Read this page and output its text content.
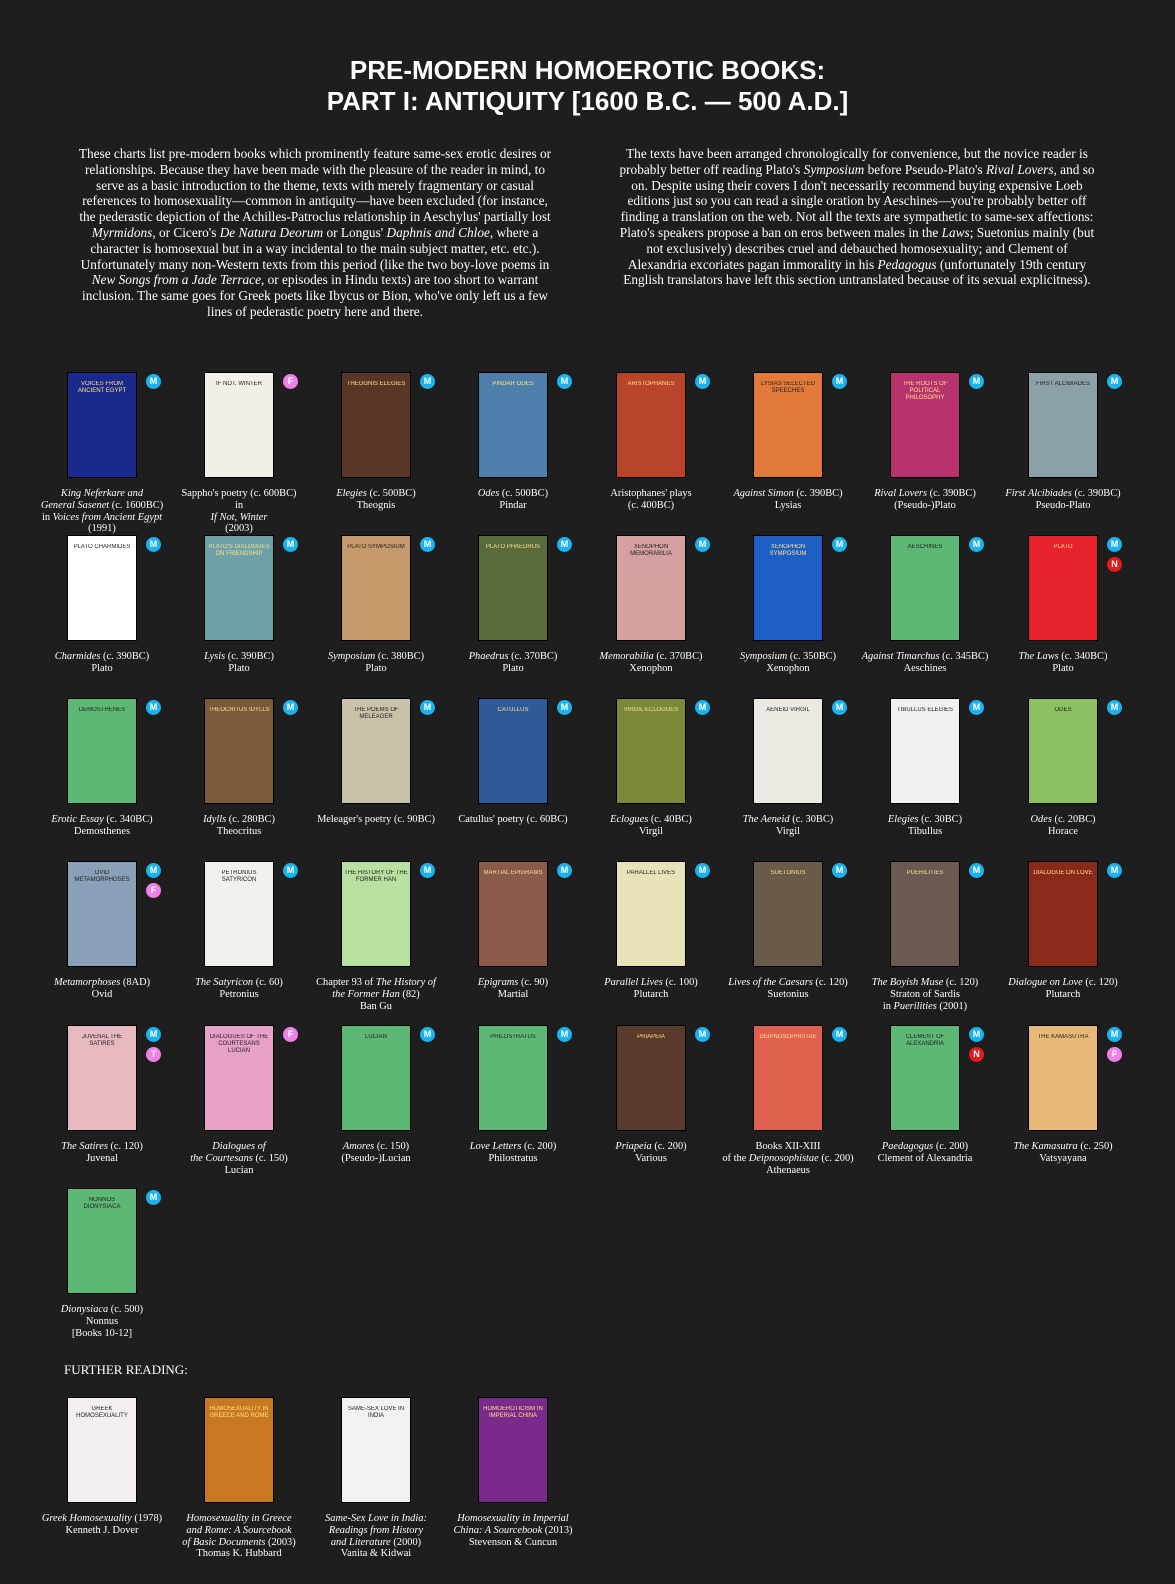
PRE-MODERN HOMOEROTIC BOOKS:
PART I: ANTIQUITY [1600 B.C. — 500 A.D.]

These charts list pre-modern books which prominently feature same-sex erotic desires or relationships. Because they have been made with the pleasure of the reader in mind, to serve as a basic introduction to the theme, texts with merely fragmentary or casual references to homosexuality—common in antiquity—have been excluded (for instance, the pederastic depiction of the Achilles-Patroclus relationship in Aeschylus' partially lost Myrmidons, or Cicero's De Natura Deorum or Longus' Daphnis and Chloe, where a character is homosexual but in a way incidental to the main subject matter, etc. etc.). Unfortunately many non-Western texts from this period (like the two boy-love poems in New Songs from a Jade Terrace, or episodes in Hindu texts) are too short to warrant inclusion. The same goes for Greek poets like Ibycus or Bion, who've only left us a few lines of pederastic poetry here and there.

The texts have been arranged chronologically for convenience, but the novice reader is probably better off reading Plato's Symposium before Pseudo-Plato's Rival Lovers, and so on. Despite using their covers I don't necessarily recommend buying expensive Loeb editions just so you can read a single oration by Aeschines—you're probably better off finding a translation on the web. Not all the texts are sympathetic to same-sex affections: Plato's speakers propose a ban on eros between males in the Laws; Suetonius mainly (but not exclusively) describes cruel and debauched homosexuality; and Clement of Alexandria excoriates pagan immorality in his Pedagogus (unfortunately 19th century English translators have left this section untranslated because of its sexual explicitness).

VOICES FROM ANCIENT EGYPT
M
King Neferkare and
General Sasenet (c. 1600BC)
in Voices from Ancient Egypt (1991)
IF NOT, WINTER	F
Sappho's poetry (c. 600BC)
in
If Not, Winter
(2003)
THEOGNIS ELEGIES	M
Elegies (c. 500BC)
Theognis
PINDAR ODES	M
Odes (c. 500BC)
Pindar
ARISTOPHANES	M
Aristophanes' plays
(c. 400BC)
LYSIAS SELECTED SPEECHES
M
Against Simon (c. 390BC)
Lysias
THE ROOTS OF POLITICAL PHILOSOPHY
M
Rival Lovers (c. 390BC)
(Pseudo-)Plato
FIRST ALCIBIADES	M
First Alcibiades (c. 390BC)
Pseudo-Plato
PLATO CHARMIDES	M
Charmides (c. 390BC)
Plato
PLATO'S DIALOGUES ON FRIENDSHIP
M
Lysis (c. 390BC)
Plato
PLATO SYMPOSIUM	M
Symposium (c. 380BC)
Plato
PLATO PHAEDRUS	M
Phaedrus (c. 370BC)
Plato
XENOPHON MEMORABILIA
M
Memorabilia (c. 370BC)
Xenophon
XENOPHON SYMPOSIUM
M
Symposium (c. 350BC)
Xenophon
AESCHINES	M
Against Timarchus (c. 345BC)
Aeschines
PLATO	M
N
The Laws (c. 340BC)
Plato
DEMOSTHENES	M
Erotic Essay (c. 340BC)
Demosthenes
THEOCRITUS IDYLLS	M
Idylls (c. 280BC)
Theocritus
THE POEMS OF MELEAGER
M
Meleager's poetry (c. 90BC)
CATULLUS	M
Catullus' poetry (c. 60BC)
VIRGIL ECLOGUES	M
Eclogues (c. 40BC)
Virgil
AENEID VIRGIL	M
The Aeneid (c. 30BC)
Virgil
TIBULLUS ELEGIES	M
Elegies (c. 30BC)
Tibullus
ODES	M
Odes (c. 20BC)
Horace
OVID METAMORPHOSES
M
F
Metamorphoses (8AD)
Ovid
PETRONIUS SATYRICON
M
The Satyricon (c. 60)
Petronius
THE HISTORY OF THE FORMER HAN
M
Chapter 93 of The History of
the Former Han (82)
Ban Gu
MARTIAL EPIGRAMS	M
Epigrams (c. 90)
Martial
PARALLEL LIVES	M
Parallel Lives (c. 100)
Plutarch
SUETONIUS	M
Lives of the Caesars (c. 120)
Suetonius
PUERILITIES	M
The Boyish Muse (c. 120)
Straton of Sardis
in Puerilities (2001)
DIALOGUE ON LOVE	M
Dialogue on Love (c. 120)
Plutarch
JUVENAL THE SATIRES
M
T
The Satires (c. 120)
Juvenal
DIALOGUES OF THE COURTESANS LUCIAN
F
Dialogues of
the Courtesans (c. 150)
Lucian
LUCIAN	M
Amores (c. 150)
(Pseudo-)Lucian
PHILOSTRATUS	M
Love Letters (c. 200)
Philostratus
PRIAPEIA	M
Priapeia (c. 200)
Various
DEIPNOSOPHISTAE	M
Books XII-XIII
of the Deipnosophistae (c. 200)
Athenaeus
CLEMENT OF ALEXANDRIA
M
N
Paedagogus (c. 200)
Clement of Alexandria
THE KAMASUTRA	M
F
The Kamasutra (c. 250)
Vatsyayana
NONNOS DIONYSIACA
M
Dionysiaca (c. 500)
Nonnus
[Books 10-12]

FURTHER READING:

GREEK HOMOSEXUALITY
Greek Homosexuality (1978)
Kenneth J. Dover
HOMOSEXUALITY IN GREECE AND ROME
Homosexuality in Greece
and Rome: A Sourcebook
of Basic Documents (2003)
Thomas K. Hubbard
SAME-SEX LOVE IN INDIA
Same-Sex Love in India:
Readings from History
and Literature (2000)
Vanita & Kidwai
HOMOEROTICISM IN IMPERIAL CHINA
Homosexuality in Imperial
China: A Sourcebook (2013)
Stevenson & Cuncun
